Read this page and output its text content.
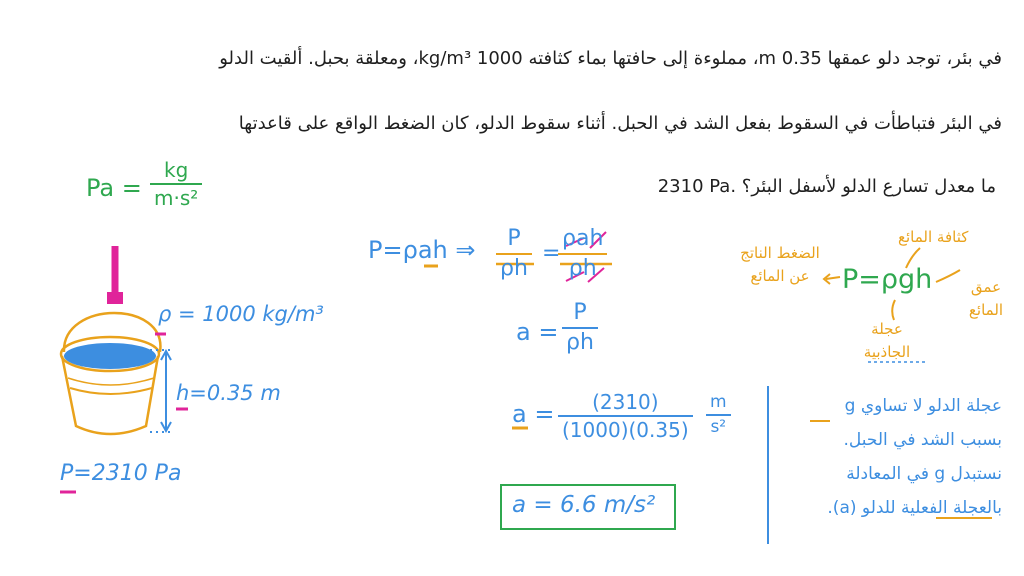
في بئر، توجد دلو عمقها 0.35 m، مملوءة إلى حافتها بماء كثافته 1000 kg/m³، ومعلقة بحبل. ألقيت الدلو
في البئر فتباطأت في السقوط بفعل الشد في الحبل. أثناء سقوط الدلو، كان الضغط الواقع على قاعدتها
2310 Pa. ما معدل تسارع الدلو لأسفل البئر؟
Pa =
kg
m·s²
ρ = 1000 kg/m³
h=0.35 m
P=2310 Pa
P=ρah ⇒ P
ρh
=
ρah
ρh
a =
P
ρh
a = (2310)
(1000)(0.35)
m
s²
a = 6.6 m/s²
P=ρgh
الضغط الناتج عن المائع
كثافة المائع
عمق المائع
عجلة الجاذبية
عجلة الدلو لا تساوي g
بسبب الشد في الحبل.
نستبدل g في المعادلة
بالعجلة الفعلية للدلو (a).
